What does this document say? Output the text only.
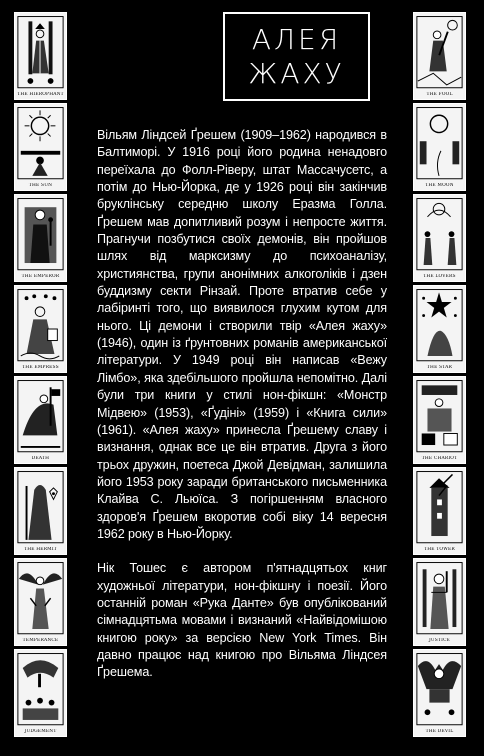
THE HIEROPHANT
THE SUN
THE EMPEROR
THE EMPRESS
DEATH
THE HERMIT
TEMPERANCE
JUDGEMENT
THE FOOL
THE MOON
THE LOVERS
THE STAR
THE CHARIOT
THE TOWER
JUSTICE
THE DEVIL
АЛЕЯ
ЖАХУ

Вільям Ліндсей Ґрешем (1909–1962) народився в Балтиморі. У 1916 році його родина ненадовго переїхала до Фолл-Ріверу, штат Массачусетс, а потім до Нью-Йорка, де у 1926 році він закінчив бруклінську середню школу Еразма Голла. Ґрешем мав допитливий розум і непросте життя. Прагнучи позбутися своїх демонів, він пройшов шлях від марксизму до психоаналізу, християнства, групи анонімних алкоголіків і дзен буддизму секти Рінзай. Проте втратив себе у лабіринті того, що виявилося глухим кутом для нього. Ці демони і створили твір «Алея жаху» (1946), один із ґрунтовних романів американської літератури. У 1949 році він написав «Вежу Лімбо», яка здебільшого пройшла непомітно. Далі були три книги у стилі нон-фікшн: «Монстр Мідвею» (1953), «Ґудіні» (1959) і «Книга сили» (1961). «Алея жаху» принесла Ґрешему славу і визнання, однак все це він втратив. Друга з його трьох дружин, поетеса Джой Девідман, залишила його 1953 року заради британського письменника Клайва С. Льюїса. З погіршенням власного здоров'я Ґрешем вкоротив собі віку 14 вересня 1962 року в Нью-Йорку.

Нік Тошес є автором п'ятнадцятьох книг художньої літератури, нон-фікшну і поезії. Його останній роман «Рука Данте» був опублікований сімнадцятьма мовами і визнаний «Найвідомішою книгою року» за версією New York Times. Він давно працює над книгою про Вільяма Ліндсея Ґрешема.
